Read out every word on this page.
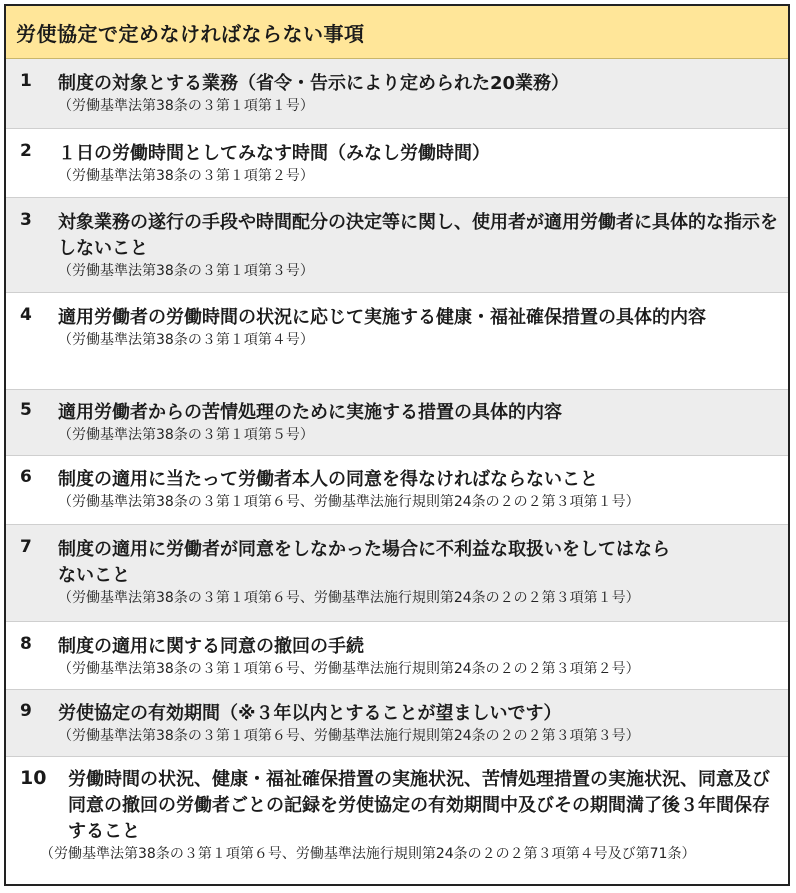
労使協定で定めなければならない事項
1	制度の対象とする業務（省令・告示により定められた20業務）
（労働基準法第38条の３第１項第１号）
2	１日の労働時間としてみなす時間（みなし労働時間）
（労働基準法第38条の３第１項第２号）
3	対象業務の遂行の手段や時間配分の決定等に関し、使用者が適用労働者に具体的な指示をしないこと
（労働基準法第38条の３第１項第３号）
4	適用労働者の労働時間の状況に応じて実施する健康・福祉確保措置の具体的内容
（労働基準法第38条の３第１項第４号）
5	適用労働者からの苦情処理のために実施する措置の具体的内容
（労働基準法第38条の３第１項第５号）
6	制度の適用に当たって労働者本人の同意を得なければならないこと
（労働基準法第38条の３第１項第６号、労働基準法施行規則第24条の２の２第３項第１号）
7	制度の適用に労働者が同意をしなかった場合に不利益な取扱いをしてはならないこと
（労働基準法第38条の３第１項第６号、労働基準法施行規則第24条の２の２第３項第１号）
8	制度の適用に関する同意の撤回の手続
（労働基準法第38条の３第１項第６号、労働基準法施行規則第24条の２の２第３項第２号）
9	労使協定の有効期間（※３年以内とすることが望ましいです）
（労働基準法第38条の３第１項第６号、労働基準法施行規則第24条の２の２第３項第３号）
10	労働時間の状況、健康・福祉確保措置の実施状況、苦情処理措置の実施状況、同意及び同意の撤回の労働者ごとの記録を労使協定の有効期間中及びその期間満了後３年間保存すること
（労働基準法第38条の３第１項第６号、労働基準法施行規則第24条の２の２第３項第４号及び第71条）
